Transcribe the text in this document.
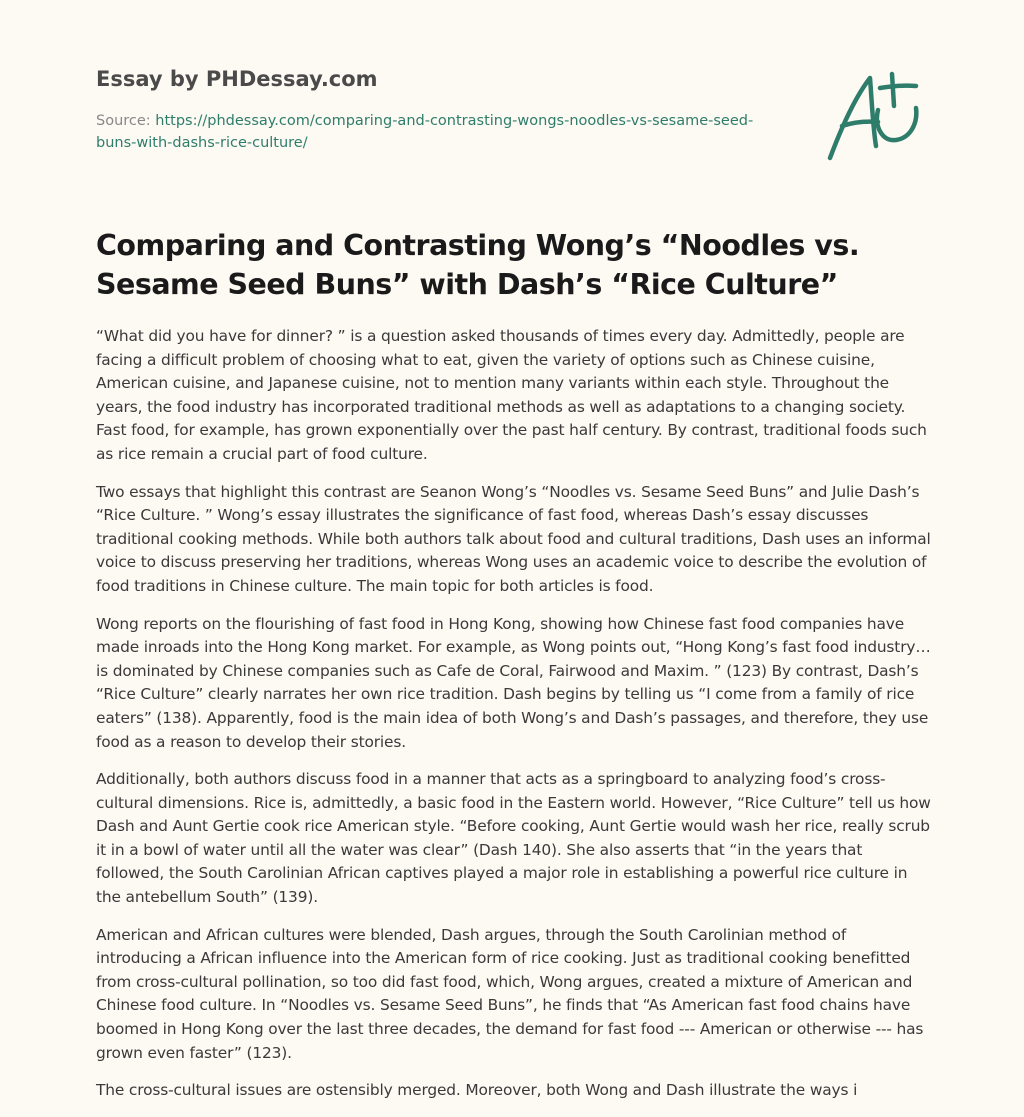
Essay by PHDessay.com
Source: https://phdessay.com/comparing-and-contrasting-wongs-noodles-vs-sesame-seed-buns-with-dashs-rice-culture/
Comparing and Contrasting Wong’s “Noodles vs. Sesame Seed Buns” with Dash’s “Rice Culture”

“What did you have for dinner? ” is a question asked thousands of times every day. Admittedly, people are facing a difficult problem of choosing what to eat, given the variety of options such as Chinese cuisine, American cuisine, and Japanese cuisine, not to mention many variants within each style. Throughout the years, the food industry has incorporated traditional methods as well as adaptations to a changing society. Fast food, for example, has grown exponentially over the past half century. By contrast, traditional foods such as rice remain a crucial part of food culture.

Two essays that highlight this contrast are Seanon Wong’s “Noodles vs. Sesame Seed Buns” and Julie Dash’s “Rice Culture. ” Wong’s essay illustrates the significance of fast food, whereas Dash’s essay discusses traditional cooking methods. While both authors talk about food and cultural traditions, Dash uses an informal voice to discuss preserving her traditions, whereas Wong uses an academic voice to describe the evolution of food traditions in Chinese culture. The main topic for both articles is food.

Wong reports on the flourishing of fast food in Hong Kong, showing how Chinese fast food companies have made inroads into the Hong Kong market. For example, as Wong points out, “Hong Kong’s fast food industry… is dominated by Chinese companies such as Cafe de Coral, Fairwood and Maxim. ” (123) By contrast, Dash’s “Rice Culture” clearly narrates her own rice tradition. Dash begins by telling us “I come from a family of rice eaters” (138). Apparently, food is the main idea of both Wong’s and Dash’s passages, and therefore, they use food as a reason to develop their stories.

Additionally, both authors discuss food in a manner that acts as a springboard to analyzing food’s cross-cultural dimensions. Rice is, admittedly, a basic food in the Eastern world. However, “Rice Culture” tell us how Dash and Aunt Gertie cook rice American style. “Before cooking, Aunt Gertie would wash her rice, really scrub it in a bowl of water until all the water was clear” (Dash 140). She also asserts that “in the years that followed, the South Carolinian African captives played a major role in establishing a powerful rice culture in the antebellum South” (139).

American and African cultures were blended, Dash argues, through the South Carolinian method of introducing a African influence into the American form of rice cooking. Just as traditional cooking benefitted from cross-cultural pollination, so too did fast food, which, Wong argues, created a mixture of American and Chinese food culture. In “Noodles vs. Sesame Seed Buns”, he finds that “As American fast food chains have boomed in Hong Kong over the last three decades, the demand for fast food --- American or otherwise --- has grown even faster” (123).

The cross-cultural issues are ostensibly merged. Moreover, both Wong and Dash illustrate the ways i
